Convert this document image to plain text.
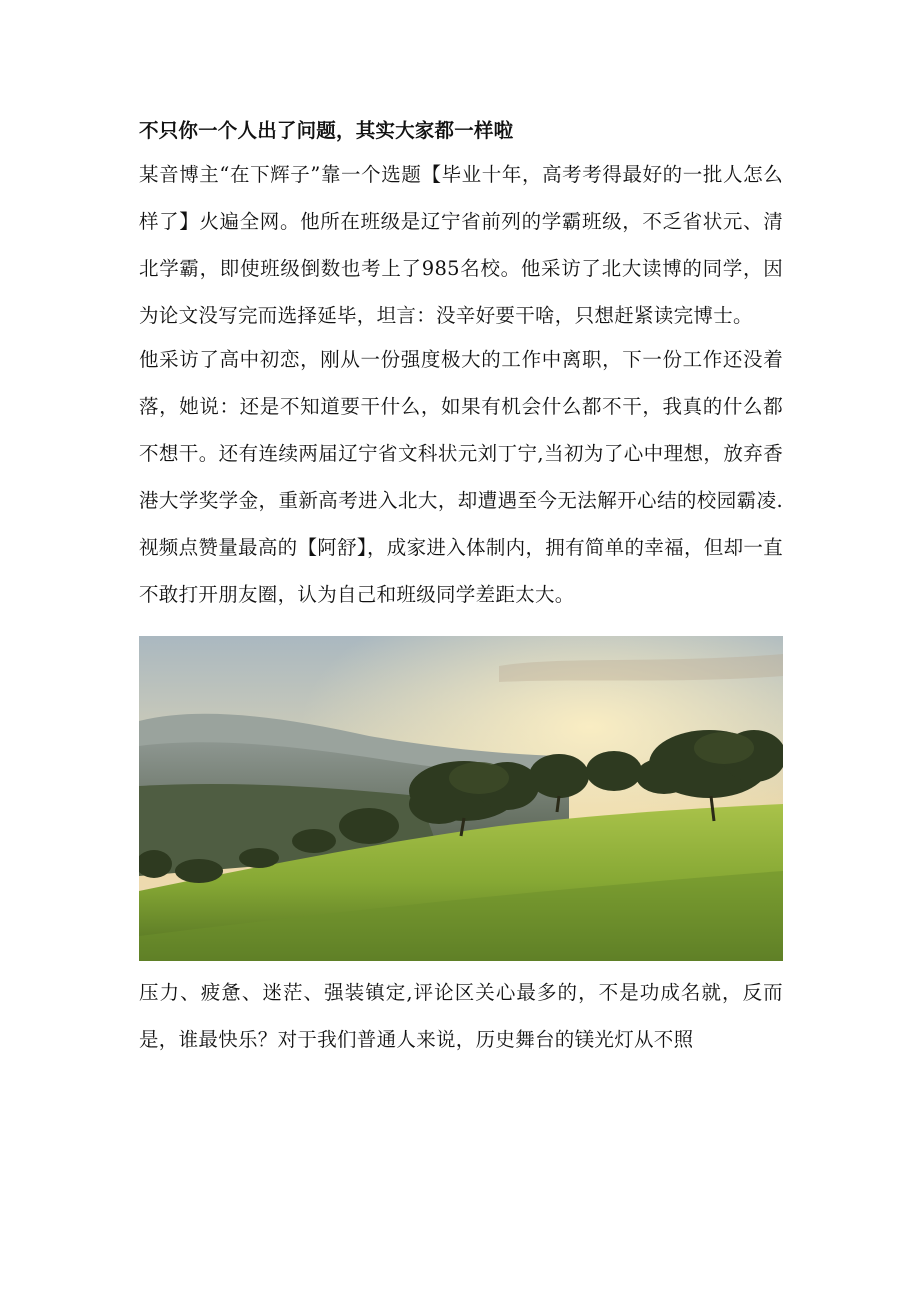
不只你一个人出了问题，其实大家都一样啦

某音博主“在下辉子”靠一个选题【毕业十年，高考考得最好的一批人怎么样了】火遍全网。他所在班级是辽宁省前列的学霸班级，不乏省状元、清北学霸，即使班级倒数也考上了985名校。他采访了北大读博的同学，因为论文没写完而选择延毕，坦言：没辛好要干啥，只想赶紧读完博士。

他采访了高中初恋，刚从一份强度极大的工作中离职，下一份工作还没着落，她说：还是不知道要干什么，如果有机会什么都不干，我真的什么都不想干。还有连续两届辽宁省文科状元刘丁宁,当初为了心中理想，放弃香港大学奖学金，重新高考进入北大，却遭遇至今无法解开心结的校园霸凌. 视频点赞量最高的【阿舒】，成家进入体制内，拥有简单的幸福，但却一直不敢打开朋友圈，认为自己和班级同学差距太大。

压力、疲惫、迷茫、强装镇定,评论区关心最多的，不是功成名就，反而是，谁最快乐？对于我们普通人来说，历史舞台的镁光灯从不照
